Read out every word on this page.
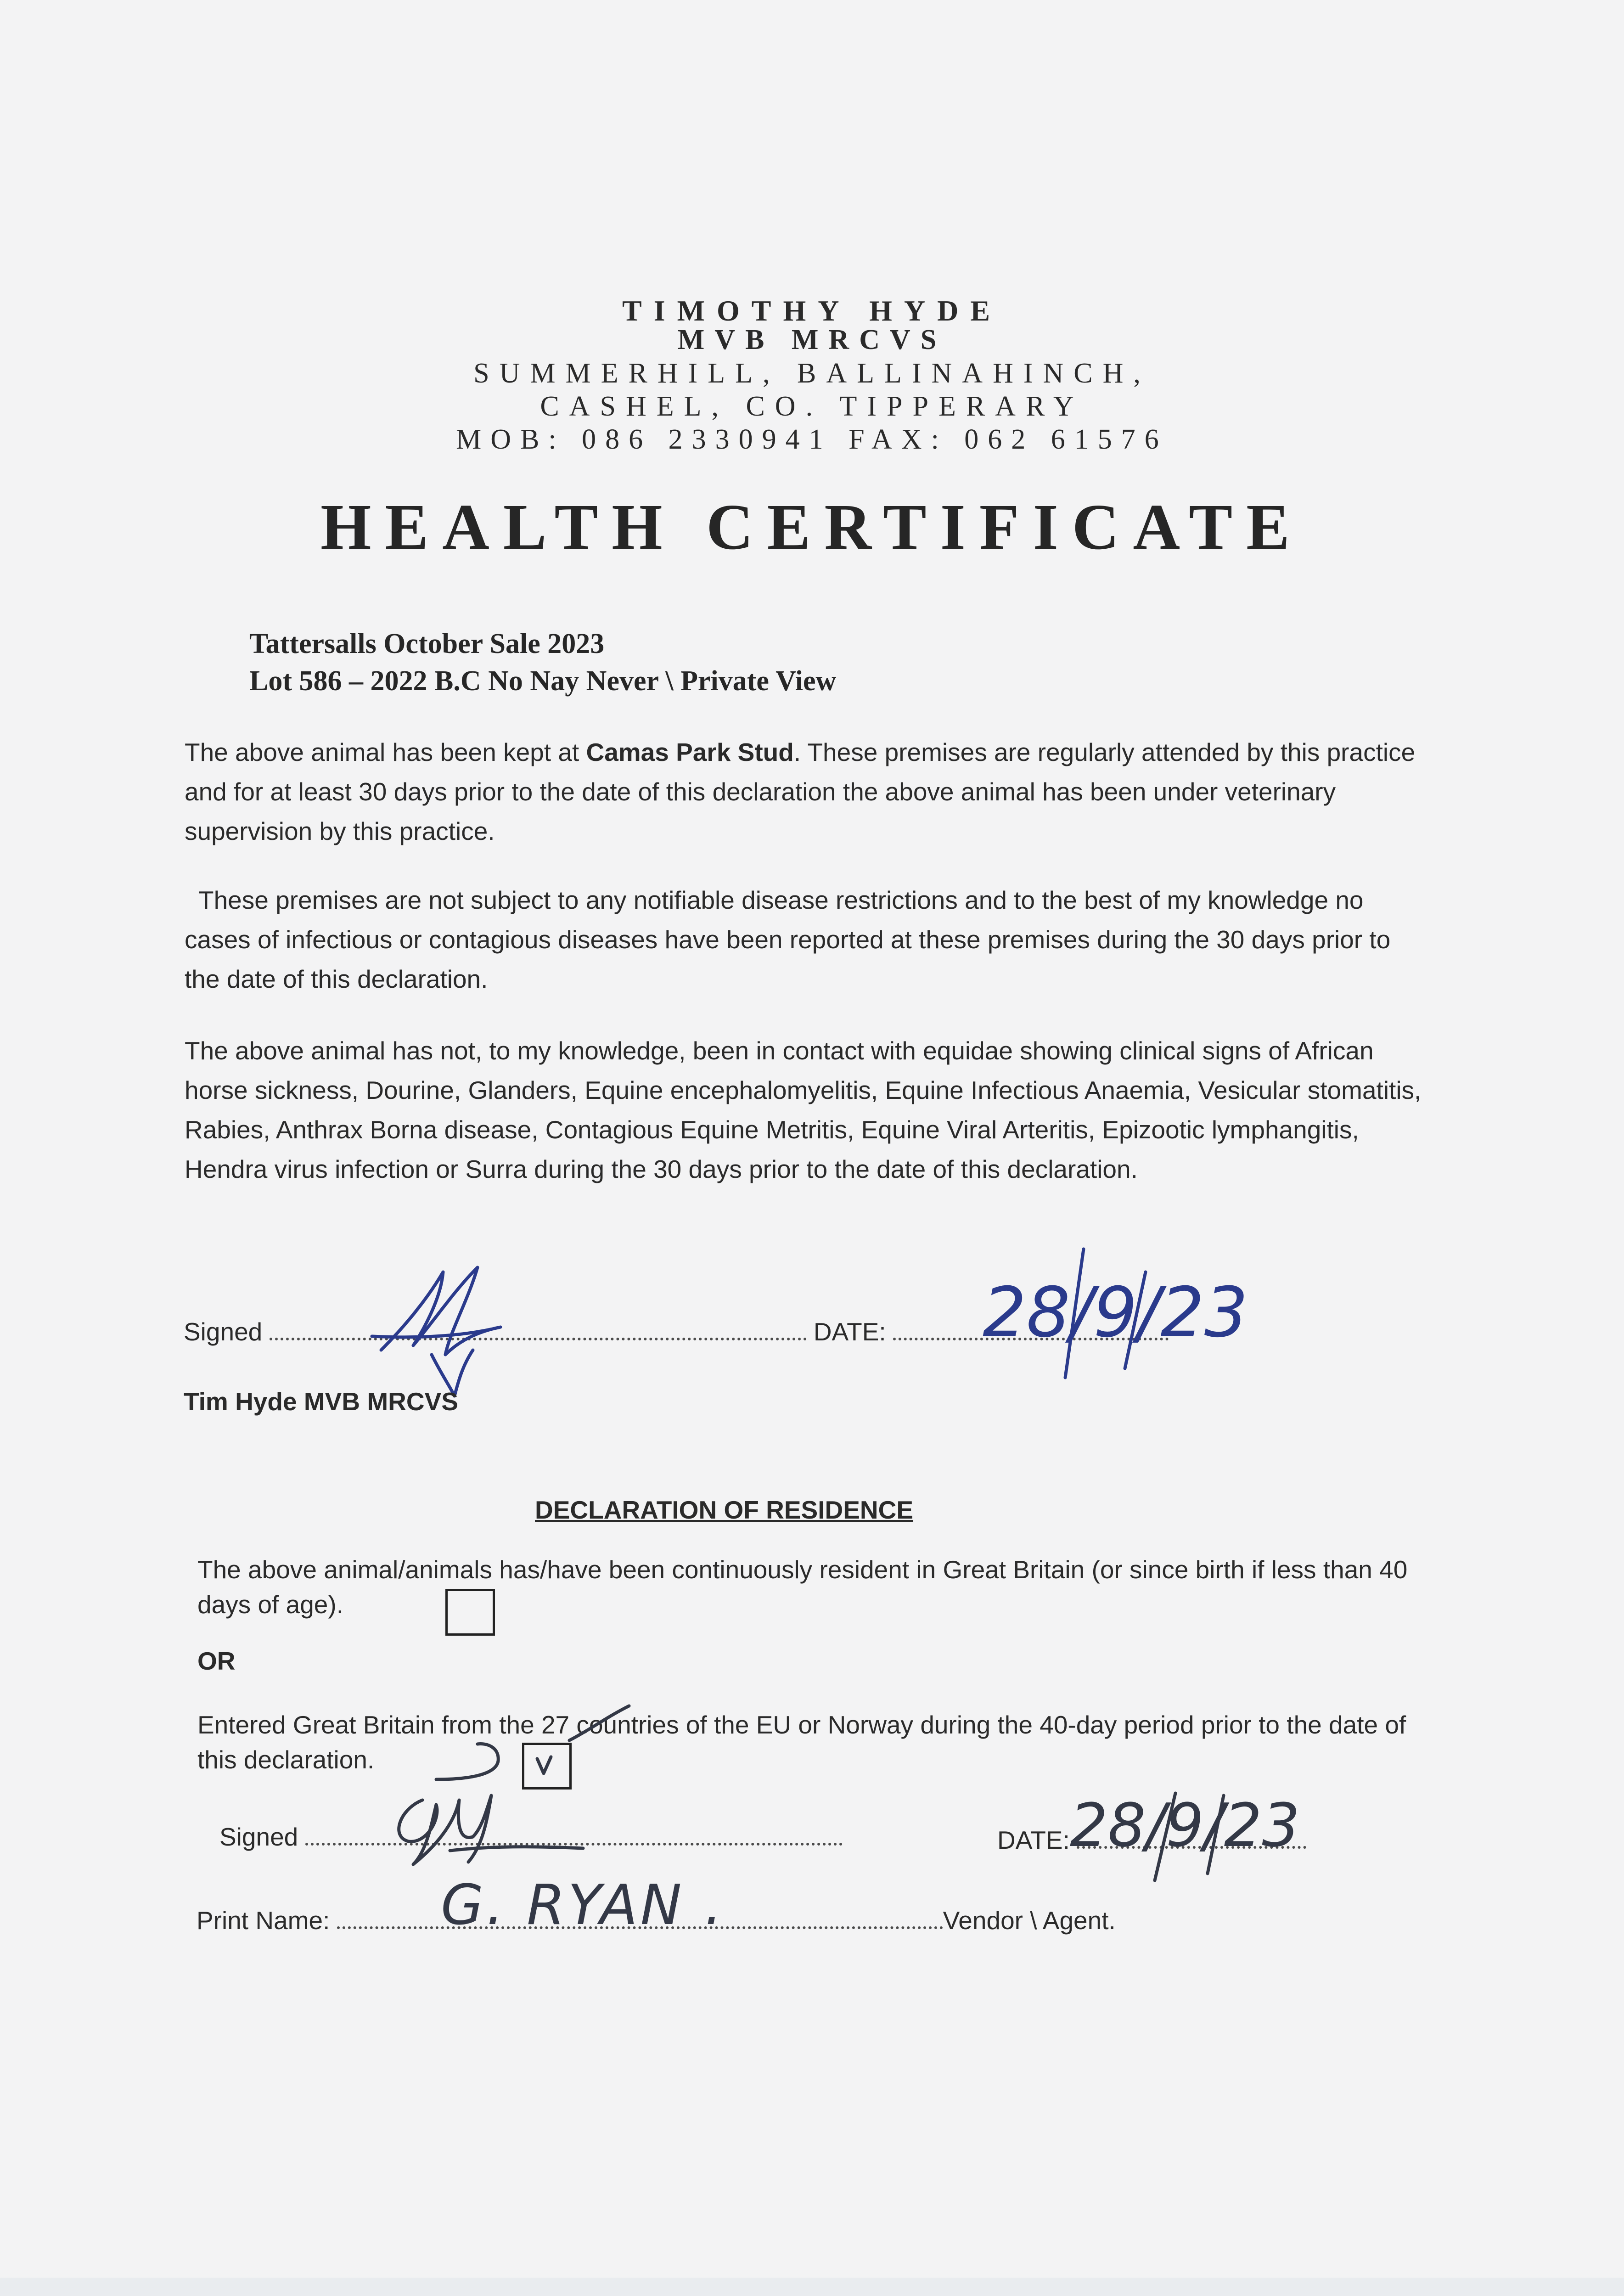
TIMOTHY HYDE
MVB MRCVS
SUMMERHILL, BALLINAHINCH,
CASHEL, CO. TIPPERARY
MOB: 086 2330941 FAX: 062 61576
HEALTH CERTIFICATE
Tattersalls October Sale 2023
Lot 586 – 2022 B.C No Nay Never \ Private View
The above animal has been kept at Camas Park Stud. These premises are regularly attended by this practice and for at least 30 days prior to the date of this declaration the above animal has been under veterinary supervision by this practice.
These premises are not subject to any notifiable disease restrictions and to the best of my knowledge no cases of infectious or contagious diseases have been reported at these premises during the 30 days prior to the date of this declaration.
The above animal has not, to my knowledge, been in contact with equidae showing clinical signs of African horse sickness, Dourine, Glanders, Equine encephalomyelitis, Equine Infectious Anaemia, Vesicular stomatitis, Rabies, Anthrax Borna disease, Contagious Equine Metritis, Equine Viral Arteritis, Epizootic lymphangitis, Hendra virus infection or Surra during the 30 days prior to the date of this declaration.
Signed	DATE:	28/9/23
Tim Hyde MVB MRCVS
DECLARATION OF RESIDENCE
The above animal/animals has/have been continuously resident in Great Britain (or since birth if less than 40 days of age).
OR
Entered Great Britain from the 27 countries of the EU or Norway during the 40-day period prior to the date of this declaration.
Signed	DATE: 28/9/23
Print Name:	Vendor \ Agent.
G. RYAN .
